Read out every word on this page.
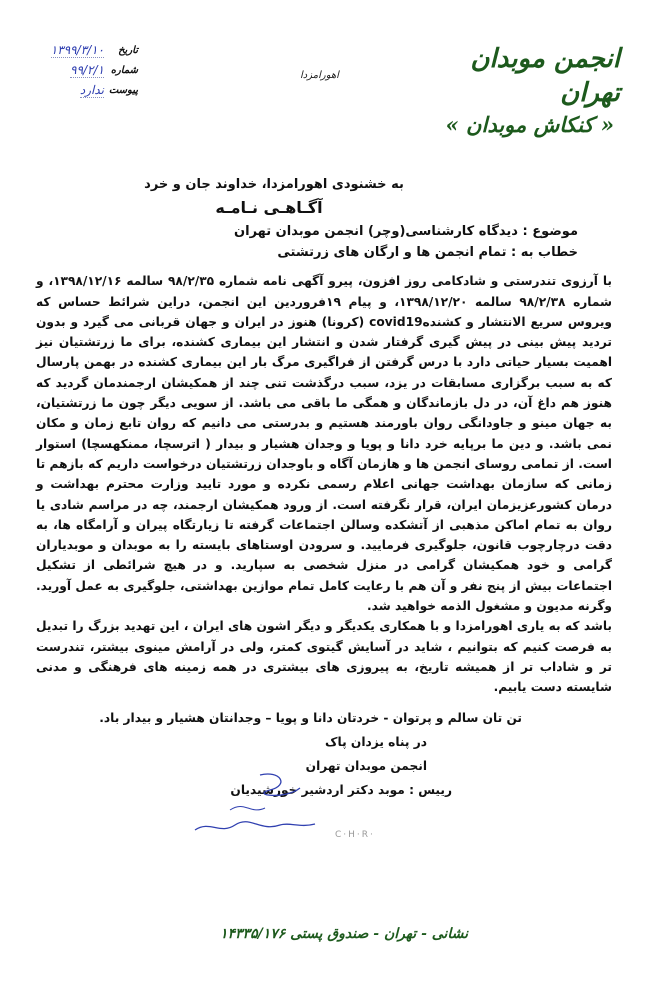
انجمن موبدان تهران
« کنکاش موبدان »
اهورامزدا
تاریخ
۱۳۹۹/۳/۱۰
شماره
۹۹/۲/۱
پیوست
ندارد
به خشنودی اهورامزدا، خداوند جان و خرد
آگـاهـی نـامـه
موضوع : دیدگاه کارشناسی(وچر) انجمن موبدان تهران
خطاب به : تمام انجمن ها و ارگان های زرتشتی

با آرزوی تندرستی و شادکامی روز افزون، پیرو آگهی نامه شماره ۹۸/۲/۳۵ سالمه ۱۳۹۸/۱۲/۱۶، و شماره ۹۸/۲/۳۸ سالمه ۱۳۹۸/۱۲/۲۰، و پیام ۱۹فروردین این انجمن، دراین شرائط حساس که ویروس سریع الانتشار و کشندهcovid19 (کرونا) هنوز در ایران و جهان قربانی می گیرد و بدون تردید پیش بینی در پیش گیری گرفتار شدن و انتشار این بیماری کشنده، برای ما زرتشتیان نیز اهمیت بسیار حیاتی دارد با درس گرفتن از فراگیری مرگ بار این بیماری کشنده در بهمن پارسال که به سبب برگزاری مسابقات در یزد، سبب درگذشت تنی چند از همکیشان ارجمندمان گردید که هنوز هم داغ آن، در دل بازماندگان و همگی ما باقی می باشد. از سویی دیگر چون ما زرتشتیان، به جهان مینو و جاودانگی روان باورمند هستیم و بدرستی می دانیم که روان تابع زمان و مکان نمی باشد. و دین ما برپایه خرد دانا و پویا و وجدان هشیار و بیدار ( اترسچا، ممنکهسچا) استوار است. از تمامی روسای انجمن ها و هازمان آگاه و باوجدان زرتشتیان درخواست داریم که بازهم تا زمانی که سازمان بهداشت جهانی اعلام رسمی نکرده و مورد تایید وزارت محترم بهداشت و درمان کشورعزیزمان ایران، قرار نگرفته است. از ورود همکیشان ارجمند، چه در مراسم شادی یا روان به تمام اماکن مذهبی از آتشکده وسالن اجتماعات گرفته تا زیارتگاه پیران و آرامگاه ها، به دقت درچارچوب قانون، جلوگیری فرمایید. و سرودن اوستاهای بایسته را به موبدان و موبدیاران گرامی و خود همکیشان گرامی در منزل شخصی به سپارید. و در هیچ شرائطی از تشکیل اجتماعات بیش از پنج نفر و آن هم با رعایت کامل تمام موازین بهداشتی، جلوگیری به عمل آورید. وگرنه مدیون و مشغول الذمه خواهید شد.

باشد که به یاری اهورامزدا و با همکاری یکدیگر و دیگر اشون های ایران ، این تهدید بزرگ را تبدیل به فرصت کنیم که بتوانیم ، شاید در آسایش گیتوی کمتر، ولی در آرامش مینوی بیشتر، تندرست تر و شاداب تر از همیشه تاریخ، به پیروزی های بیشتری در همه زمینه های فرهنگی و مدنی شایسته دست یابیم.

تن تان سالم و پرتوان - خردتان دانا و پویا – وجدانتان هشیار و بیدار باد.
در پناه یزدان پاک
انجمن موبدان تهران
رییس : موبد دکتر اردشیر خورشیدیان
C·H·R·
نشانی - تهران - صندوق پستی ۱۴۳۳۵/۱۷۶
